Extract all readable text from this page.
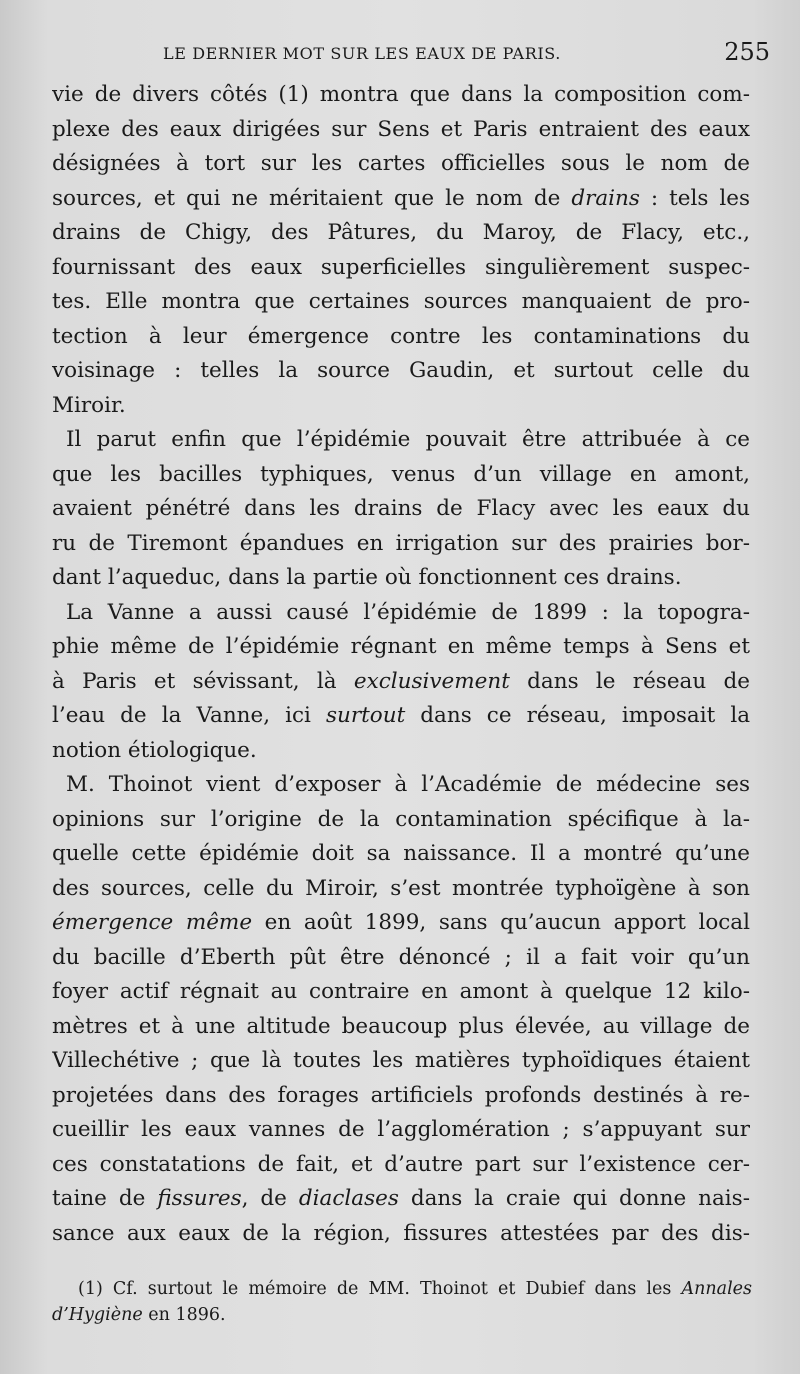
LE DERNIER MOT SUR LES EAUX DE PARIS.	255
vie de divers côtés (1) montra que dans la composition com-
plexe des eaux dirigées sur Sens et Paris entraient des eaux
désignées à tort sur les cartes officielles sous le nom de
sources, et qui ne méritaient que le nom de drains : tels les
drains de Chigy, des Pâtures, du Maroy, de Flacy, etc.,
fournissant des eaux superficielles singulièrement suspec-
tes. Elle montra que certaines sources manquaient de pro-
tection à leur émergence contre les contaminations du
voisinage : telles la source Gaudin, et surtout celle du
Miroir.
Il parut enfin que l’épidémie pouvait être attribuée à ce
que les bacilles typhiques, venus d’un village en amont,
avaient pénétré dans les drains de Flacy avec les eaux du
ru de Tiremont épandues en irrigation sur des prairies bor-
dant l’aqueduc, dans la partie où fonctionnent ces drains.
La Vanne a aussi causé l’épidémie de 1899 : la topogra-
phie même de l’épidémie régnant en même temps à Sens et
à Paris et sévissant, là exclusivement dans le réseau de
l’eau de la Vanne, ici surtout dans ce réseau, imposait la
notion étiologique.
M. Thoinot vient d’exposer à l’Académie de médecine ses
opinions sur l’origine de la contamination spécifique à la-
quelle cette épidémie doit sa naissance. Il a montré qu’une
des sources, celle du Miroir, s’est montrée typhoïgène à son
émergence même en août 1899, sans qu’aucun apport local
du bacille d’Eberth pût être dénoncé ; il a fait voir qu’un
foyer actif régnait au contraire en amont à quelque 12 kilo-
mètres et à une altitude beaucoup plus élevée, au village de
Villechétive ; que là toutes les matières typhoïdiques étaient
projetées dans des forages artificiels profonds destinés à re-
cueillir les eaux vannes de l’agglomération ; s’appuyant sur
ces constatations de fait, et d’autre part sur l’existence cer-
taine de fissures, de diaclases dans la craie qui donne nais-
sance aux eaux de la région, fissures attestées par des dis-
(1) Cf. surtout le mémoire de MM. Thoinot et Dubief dans les Annales
d’Hygiène en 1896.
